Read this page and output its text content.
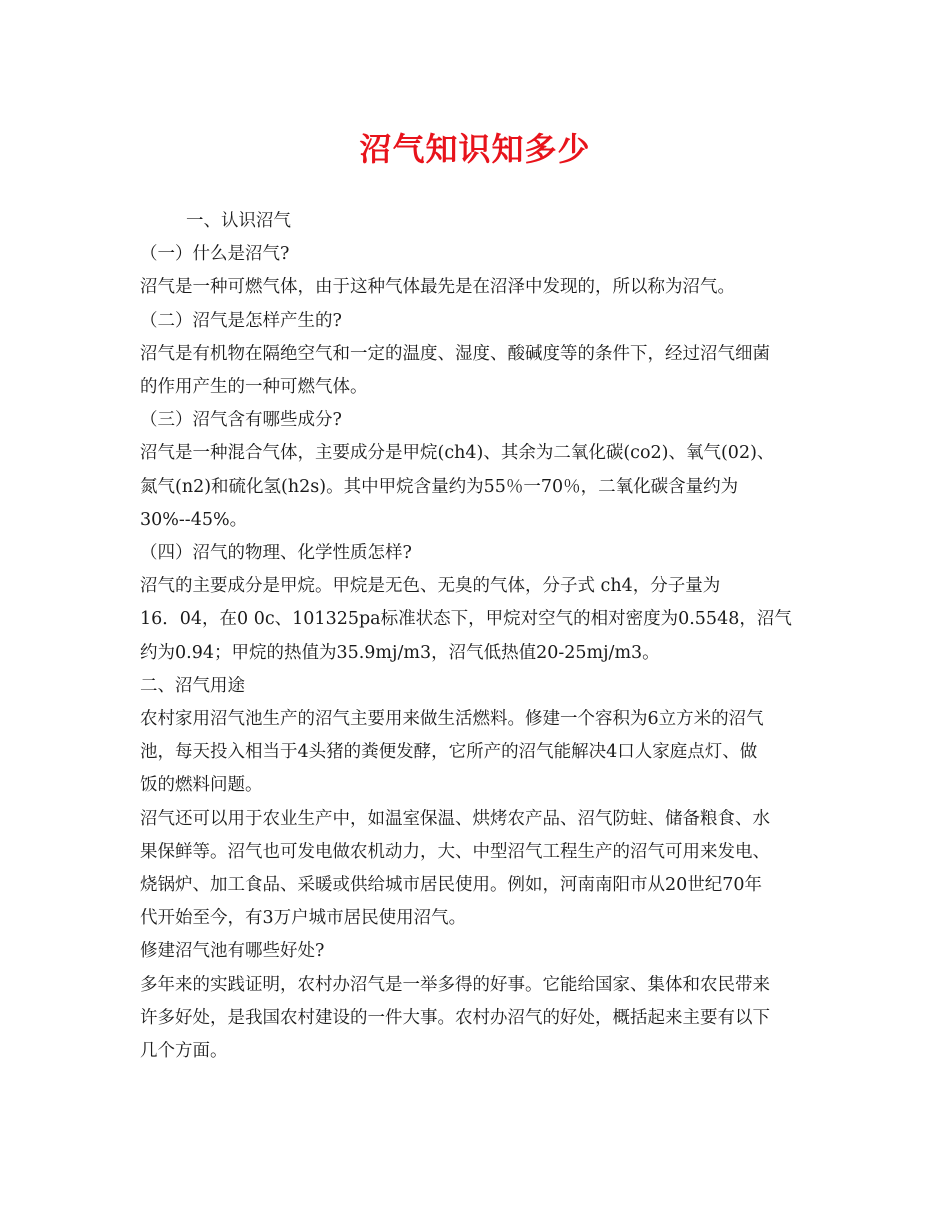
沼气知识知多少
一、认识沼气
（一）什么是沼气?
沼气是一种可燃气体，由于这种气体最先是在沼泽中发现的，所以称为沼气。
（二）沼气是怎样产生的?
沼气是有机物在隔绝空气和一定的温度、湿度、酸碱度等的条件下，经过沼气细菌
的作用产生的一种可燃气体。
（三）沼气含有哪些成分?
沼气是一种混合气体，主要成分是甲烷(ch4)、其余为二氧化碳(co2)、氧气(02)、
氮气(n2)和硫化氢(h2s)。其中甲烷含量约为55％一70％，二氧化碳含量约为
30%--45%。
（四）沼气的物理、化学性质怎样?
沼气的主要成分是甲烷。甲烷是无色、无臭的气体，分子式 ch4，分子量为
16．04，在0 0c、101325pa标准状态下，甲烷对空气的相对密度为0.5548，沼气
约为0.94；甲烷的热值为35.9mj/m3，沼气低热值20-25mj/m3。
二、沼气用途
农村家用沼气池生产的沼气主要用来做生活燃料。修建一个容积为6立方米的沼气
池，每天投入相当于4头猪的粪便发酵，它所产的沼气能解决4口人家庭点灯、做
饭的燃料问题。
沼气还可以用于农业生产中，如温室保温、烘烤农产品、沼气防蛀、储备粮食、水
果保鲜等。沼气也可发电做农机动力，大、中型沼气工程生产的沼气可用来发电、
烧锅炉、加工食品、采暖或供给城市居民使用。例如，河南南阳市从20世纪70年
代开始至今，有3万户城市居民使用沼气。
修建沼气池有哪些好处?
多年来的实践证明，农村办沼气是一举多得的好事。它能给国家、集体和农民带来
许多好处，是我国农村建设的一件大事。农村办沼气的好处，概括起来主要有以下
几个方面。
